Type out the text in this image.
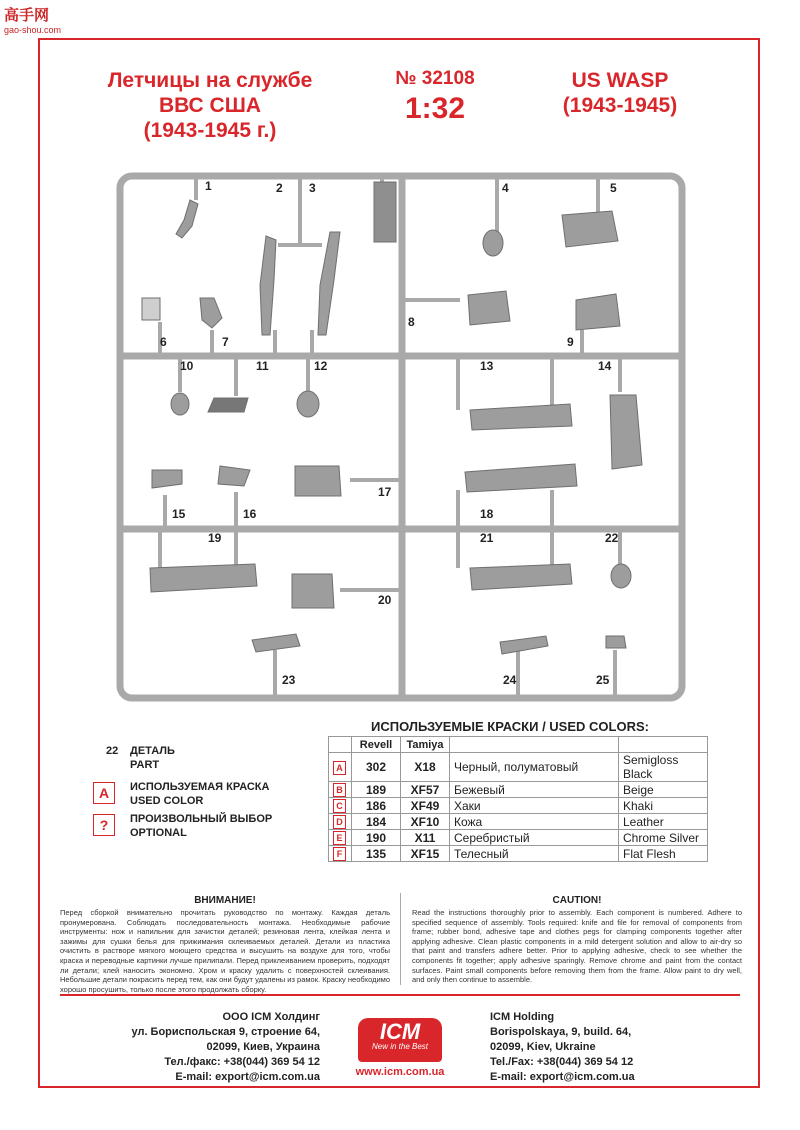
高手网
gao-shou.com
Летчицы на службе
ВВС США
(1943-1945 г.)
№ 32108
1:32
US WASP
(1943-1945)
1	2 3	4	5
6	7
8
9
10	11	12	13	14
15	16
17
18
19
20
21	22
23	24	25
22 ДЕТАЛЬ
PART
A	ИСПОЛЬЗУЕМАЯ КРАСКА
USED COLOR
?	ПРОИЗВОЛЬНЫЙ ВЫБОР
OPTIONAL
ИСПОЛЬЗУЕМЫЕ КРАСКИ / USED COLORS:
	Revell	Tamiya		
A	302	X18	Черный, полуматовый	Semigloss Black
B	189	XF57	Бежевый	Beige
C	186	XF49	Хаки	Khaki
D	184	XF10	Кожа	Leather
E	190	X11	Серебристый	Chrome Silver
F	135	XF15	Телесный	Flat Flesh
ВНИМАНИЕ!
Перед сборкой внимательно прочитать руководство по монтажу. Каждая деталь пронумерована. Соблюдать последовательность монтажа. Необходимые рабочие инструменты: нож и напильник для зачистки деталей; резиновая лента, клейкая лента и зажимы для сушки белья для прижимания склеиваемых деталей. Детали из пластика очистить в растворе мягкого моющего средства и высушить на воздухе для того, чтобы краска и переводные картинки лучше прилипали. Перед приклеиванием проверить, подходят ли детали; клей наносить экономно. Хром и краску удалить с поверхностей склеивания. Небольшие детали покрасить перед тем, как они будут удалены из рамок. Краску необходимо хорошо просушить, только после этого продолжать сборку.
CAUTION!
Read the instructions thoroughly prior to assembly. Each component is numbered. Adhere to specified sequence of assembly. Tools required: knife and file for removal of components from frame; rubber bond, adhesive tape and clothes pegs for clamping components together after applying adhesive. Clean plastic components in a mild detergent solution and allow to air-dry so that paint and transfers adhere better. Prior to applying adhesive, check to see whether the components fit together; apply adhesive sparingly. Remove chrome and paint from the contact surfaces. Paint small components before removing them from the frame. Allow paint to dry well, and only then continue to assemble.
ООО ICM Холдинг
ул. Бориспольская 9, строение 64,
02099, Киев, Украина
Тел./факс: +38(044) 369 54 12
E-mail: export@icm.com.ua
ICM
New in the Best
www.icm.com.ua
ICM Holding
Borispolskaya, 9, build. 64,
02099, Kiev, Ukraine
Tel./Fax: +38(044) 369 54 12
E-mail: export@icm.com.ua
